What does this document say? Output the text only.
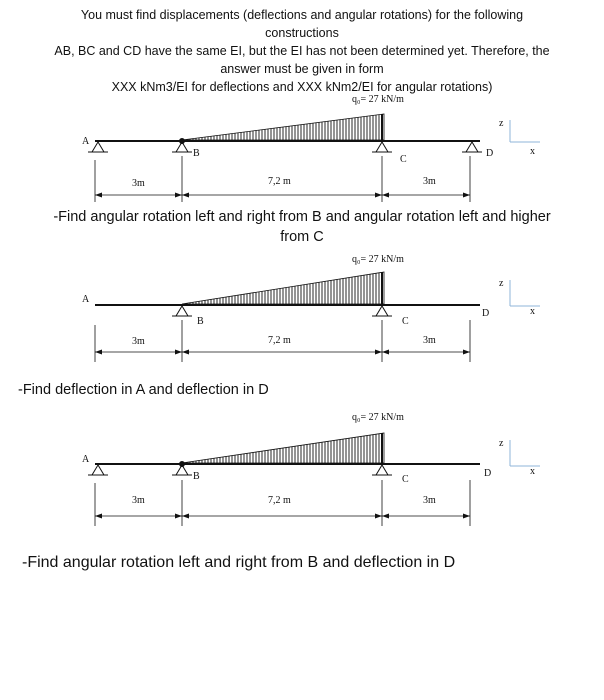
You must find displacements (deflections and angular rotations) for the following

constructions

AB, BC and CD have the same EI, but the EI has not been determined yet. Therefore, the

answer must be given in form

XXX kNm3/EI for deflections and XXX kNm2/EI for angular rotations)

q₀= 27 kN/m
A
B
C
D
z
x
3m	7,2 m	3m
-Find angular rotation left and right from B and angular rotation left and higher
from C
q₀= 27 kN/m
A
B	C
D
z
x
3m	7,2 m	3m
-Find deflection in A and deflection in D
q₀= 27 kN/m
A
B	C
D
z
x
3m	7,2 m	3m
-Find angular rotation left and right from B and deflection in D
